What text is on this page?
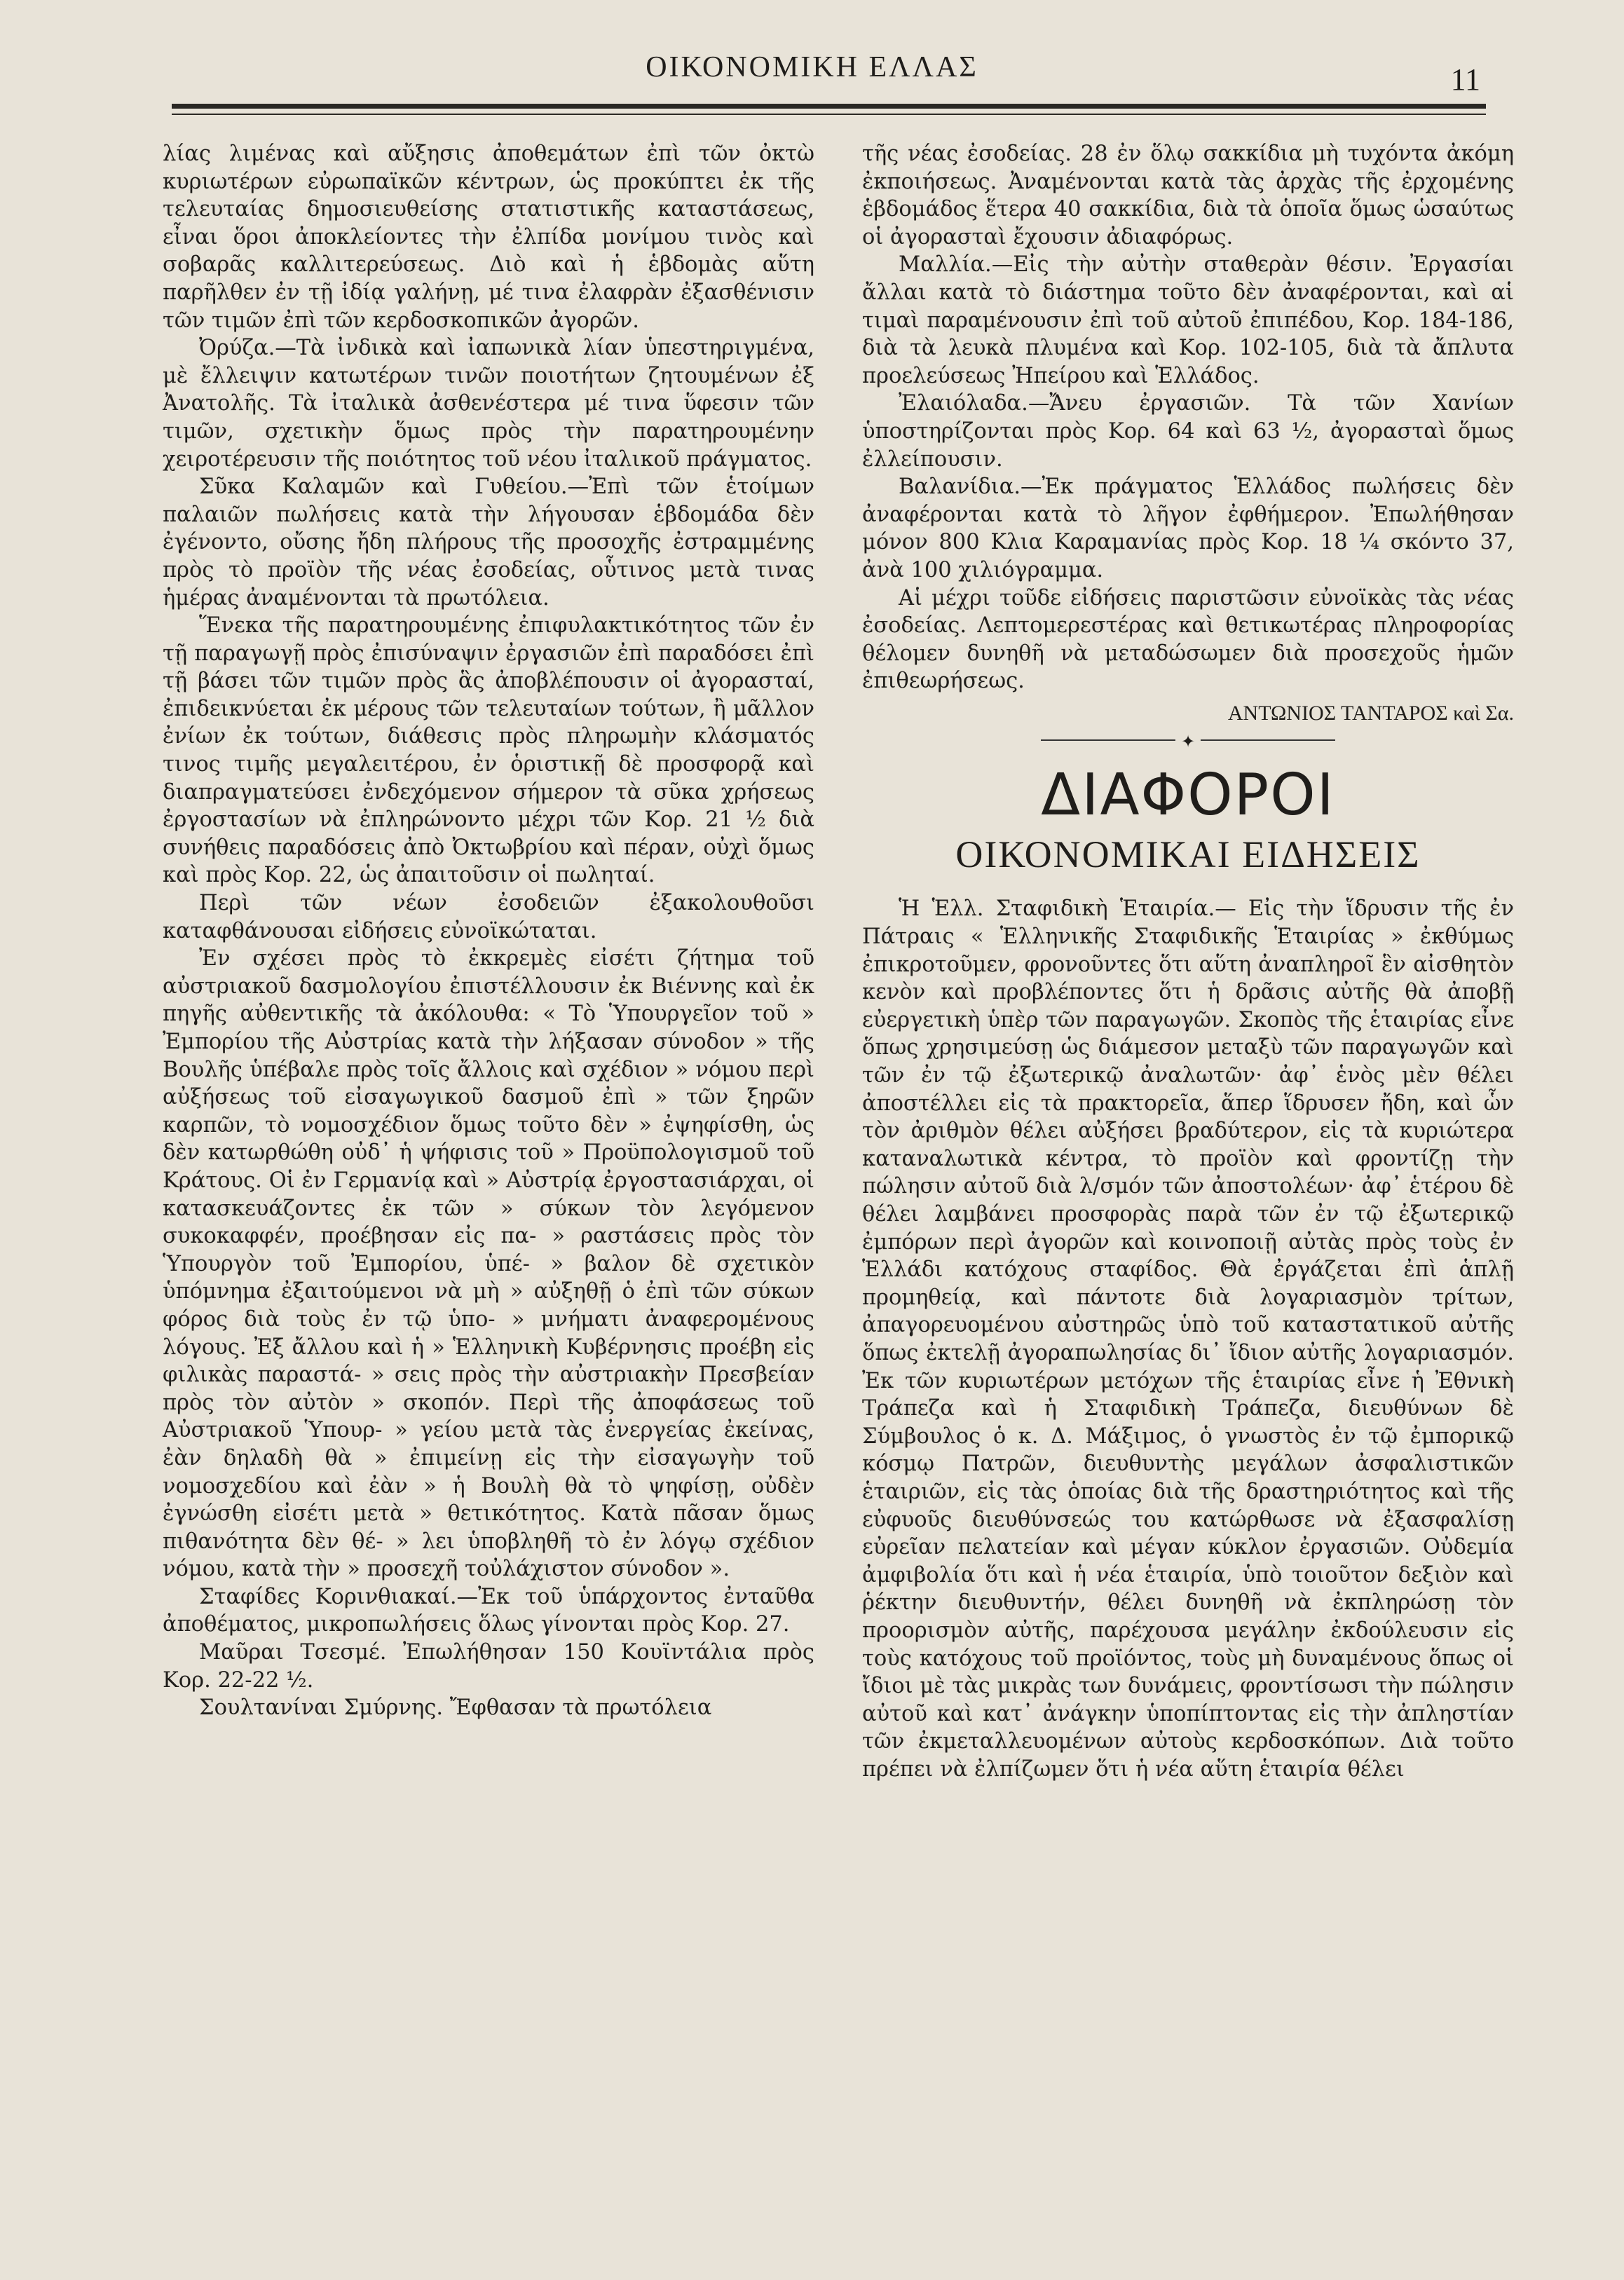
ΟΙΚΟΝΟΜΙΚΗ ΕΛΛΑΣ	11

λίας λιμένας καὶ αὔξησις ἀποθεμάτων ἐπὶ τῶν ὀκτὼ κυριωτέρων εὐρωπαϊκῶν κέντρων, ὡς προκύπτει ἐκ τῆς τελευταίας δημοσιευθείσης στατιστικῆς καταστάσεως, εἶναι ὅροι ἀποκλείοντες τὴν ἐλπίδα μονίμου τινὸς καὶ σοβαρᾶς καλλιτερεύσεως. Διὸ καὶ ἡ ἑβδομὰς αὕτη παρῆλθεν ἐν τῇ ἰδίᾳ γαλήνῃ, μέ τινα ἐλαφρὰν ἐξασθένισιν τῶν τιμῶν ἐπὶ τῶν κερδοσκοπικῶν ἀγορῶν.

Ὀρύζα.—Τὰ ἰνδικὰ καὶ ἰαπωνικὰ λίαν ὑπεστηριγμένα, μὲ ἔλλειψιν κατωτέρων τινῶν ποιοτήτων ζητουμένων ἐξ Ἀνατολῆς. Τὰ ἰταλικὰ ἀσθενέστερα μέ τινα ὕφεσιν τῶν τιμῶν, σχετικὴν ὅμως πρὸς τὴν παρατηρουμένην χειροτέρευσιν τῆς ποιότητος τοῦ νέου ἰταλικοῦ πράγματος.

Σῦκα Καλαμῶν καὶ Γυθείου.—Ἐπὶ τῶν ἑτοίμων παλαιῶν πωλήσεις κατὰ τὴν λήγουσαν ἑβδομάδα δὲν ἐγένοντο, οὔσης ἤδη πλήρους τῆς προσοχῆς ἐστραμμένης πρὸς τὸ προϊὸν τῆς νέας ἐσοδείας, οὗτινος μετὰ τινας ἡμέρας ἀναμένονται τὰ πρωτόλεια.

Ἕνεκα τῆς παρατηρουμένης ἐπιφυλακτικότητος τῶν ἐν τῇ παραγωγῇ πρὸς ἐπισύναψιν ἐργασιῶν ἐπὶ παραδόσει ἐπὶ τῇ βάσει τῶν τιμῶν πρὸς ἃς ἀποβλέπουσιν οἱ ἀγορασταί, ἐπιδεικνύεται ἐκ μέρους τῶν τελευταίων τούτων, ἢ μᾶλλον ἐνίων ἐκ τούτων, διάθεσις πρὸς πληρωμὴν κλάσματός τινος τιμῆς μεγαλειτέρου, ἐν ὁριστικῇ δὲ προσφορᾷ καὶ διαπραγματεύσει ἐνδεχόμενον σήμερον τὰ σῦκα χρήσεως ἐργοστασίων νὰ ἐπληρώνοντο μέχρι τῶν Κορ. 21 ½ διὰ συνήθεις παραδόσεις ἀπὸ Ὀκτωβρίου καὶ πέραν, οὐχὶ ὅμως καὶ πρὸς Κορ. 22, ὡς ἀπαιτοῦσιν οἱ πωληταί.

Περὶ τῶν νέων ἐσοδειῶν ἐξακολουθοῦσι καταφθάνουσαι εἰδήσεις εὐνοϊκώταται.

Ἐν σχέσει πρὸς τὸ ἐκκρεμὲς εἰσέτι ζήτημα τοῦ αὐστριακοῦ δασμολογίου ἐπιστέλλουσιν ἐκ Βιέννης καὶ ἐκ πηγῆς αὐθεντικῆς τὰ ἀκόλουθα: « Τὸ Ὑπουργεῖον τοῦ » Ἐμπορίου τῆς Αὐστρίας κατὰ τὴν λήξασαν σύνοδον » τῆς Βουλῆς ὑπέβαλε πρὸς τοῖς ἄλλοις καὶ σχέδιον » νόμου περὶ αὐξήσεως τοῦ εἰσαγωγικοῦ δασμοῦ ἐπὶ » τῶν ξηρῶν καρπῶν, τὸ νομοσχέδιον ὅμως τοῦτο δὲν » ἐψηφίσθη, ὡς δὲν κατωρθώθη οὐδ᾽ ἡ ψήφισις τοῦ » Προϋπολογισμοῦ τοῦ Κράτους. Οἱ ἐν Γερμανίᾳ καὶ » Αὐστρίᾳ ἐργοστασιάρχαι, οἱ κατασκευάζοντες ἐκ τῶν » σύκων τὸν λεγόμενον συκοκαφφέν, προέβησαν εἰς πα- » ραστάσεις πρὸς τὸν Ὑπουργὸν τοῦ Ἐμπορίου, ὑπέ- » βαλον δὲ σχετικὸν ὑπόμνημα ἐξαιτούμενοι νὰ μὴ » αὐξηθῇ ὁ ἐπὶ τῶν σύκων φόρος διὰ τοὺς ἐν τῷ ὑπο- » μνήματι ἀναφερομένους λόγους. Ἐξ ἄλλου καὶ ἡ » Ἑλληνικὴ Κυβέρνησις προέβη εἰς φιλικὰς παραστά- » σεις πρὸς τὴν αὐστριακὴν Πρεσβείαν πρὸς τὸν αὐτὸν » σκοπόν. Περὶ τῆς ἀποφάσεως τοῦ Αὐστριακοῦ Ὑπουρ- » γείου μετὰ τὰς ἐνεργείας ἐκείνας, ἐὰν δηλαδὴ θὰ » ἐπιμείνῃ εἰς τὴν εἰσαγωγὴν τοῦ νομοσχεδίου καὶ ἐὰν » ἡ Βουλὴ θὰ τὸ ψηφίσῃ, οὐδὲν ἐγνώσθη εἰσέτι μετὰ » θετικότητος. Κατὰ πᾶσαν ὅμως πιθανότητα δὲν θέ- » λει ὑποβληθῆ τὸ ἐν λόγῳ σχέδιον νόμου, κατὰ τὴν » προσεχῆ τοὐλάχιστον σύνοδον ».

Σταφίδες Κορινθιακαί.—Ἐκ τοῦ ὑπάρχοντος ἐνταῦθα ἀποθέματος, μικροπωλήσεις ὅλως γίνονται πρὸς Κορ. 27.

Μαῦραι Τσεσμέ. Ἐπωλήθησαν 150 Κουϊντάλια πρὸς Κορ. 22-22 ½.

Σουλτανίναι Σμύρνης. Ἔφθασαν τὰ πρωτόλεια

τῆς νέας ἐσοδείας. 28 ἐν ὅλῳ σακκίδια μὴ τυχόντα ἀκόμη ἐκποιήσεως. Ἀναμένονται κατὰ τὰς ἀρχὰς τῆς ἐρχομένης ἑβδομάδος ἕτερα 40 σακκίδια, διὰ τὰ ὁποῖα ὅμως ὡσαύτως οἱ ἀγορασταὶ ἔχουσιν ἀδιαφόρως.

Μαλλία.—Εἰς τὴν αὐτὴν σταθερὰν θέσιν. Ἐργασίαι ἄλλαι κατὰ τὸ διάστημα τοῦτο δὲν ἀναφέρονται, καὶ αἱ τιμαὶ παραμένουσιν ἐπὶ τοῦ αὐτοῦ ἐπιπέδου, Κορ. 184-186, διὰ τὰ λευκὰ πλυμένα καὶ Κορ. 102-105, διὰ τὰ ἄπλυτα προελεύσεως Ἠπείρου καὶ Ἑλλάδος.

Ἐλαιόλαδα.—Ἄνευ ἐργασιῶν. Τὰ τῶν Χανίων ὑποστηρίζονται πρὸς Κορ. 64 καὶ 63 ½, ἀγορασταὶ ὅμως ἐλλείπουσιν.

Βαλανίδια.—Ἐκ πράγματος Ἑλλάδος πωλήσεις δὲν ἀναφέρονται κατὰ τὸ λῆγον ἐφθήμερον. Ἐπωλήθησαν μόνον 800 Κλια Καραμανίας πρὸς Κορ. 18 ¼ σκόντο 37, ἀνὰ 100 χιλιόγραμμα.

Αἱ μέχρι τοῦδε εἰδήσεις παριστῶσιν εὐνοϊκὰς τὰς νέας ἐσοδείας. Λεπτομερεστέρας καὶ θετικωτέρας πληροφορίας θέλομεν δυνηθῆ νὰ μεταδώσωμεν διὰ προσεχοῦς ἡμῶν ἐπιθεωρήσεως.

ΑΝΤΩΝΙΟΣ ΤΑΝΤΑΡΟΣ καὶ Σα.

✦

ΔΙΑΦΟΡΟΙ

ΟΙΚΟΝΟΜΙΚΑΙ ΕΙΔΗΣΕΙΣ

Ἡ Ἑλλ. Σταφιδικὴ Ἑταιρία.— Εἰς τὴν ἵδρυσιν τῆς ἐν Πάτραις « Ἑλληνικῆς Σταφιδικῆς Ἑταιρίας » ἐκθύμως ἐπικροτοῦμεν, φρονοῦντες ὅτι αὕτη ἀναπληροῖ ἓν αἰσθητὸν κενὸν καὶ προβλέποντες ὅτι ἡ δρᾶσις αὐτῆς θὰ ἀποβῇ εὐεργετικὴ ὑπὲρ τῶν παραγωγῶν. Σκοπὸς τῆς ἑταιρίας εἶνε ὅπως χρησιμεύσῃ ὡς διάμεσον μεταξὺ τῶν παραγωγῶν καὶ τῶν ἐν τῷ ἐξωτερικῷ ἀναλωτῶν· ἀφ᾽ ἑνὸς μὲν θέλει ἀποστέλλει εἰς τὰ πρακτορεῖα, ἅπερ ἵδρυσεν ἤδη, καὶ ὧν τὸν ἀριθμὸν θέλει αὐξήσει βραδύτερον, εἰς τὰ κυριώτερα καταναλωτικὰ κέντρα, τὸ προϊὸν καὶ φροντίζῃ τὴν πώλησιν αὐτοῦ διὰ λ/σμόν τῶν ἀποστολέων· ἀφ᾽ ἑτέρου δὲ θέλει λαμβάνει προσφορὰς παρὰ τῶν ἐν τῷ ἐξωτερικῷ ἐμπόρων περὶ ἀγορῶν καὶ κοινοποιῇ αὐτὰς πρὸς τοὺς ἐν Ἑλλάδι κατόχους σταφίδος. Θὰ ἐργάζεται ἐπὶ ἁπλῇ προμηθείᾳ, καὶ πάντοτε διὰ λογαριασμὸν τρίτων, ἀπαγορευομένου αὐστηρῶς ὑπὸ τοῦ καταστατικοῦ αὐτῆς ὅπως ἐκτελῇ ἀγοραπωλησίας δι᾽ ἴδιον αὐτῆς λογαριασμόν. Ἐκ τῶν κυριωτέρων μετόχων τῆς ἑταιρίας εἶνε ἡ Ἐθνικὴ Τράπεζα καὶ ἡ Σταφιδικὴ Τράπεζα, διευθύνων δὲ Σύμβουλος ὁ κ. Δ. Μάξιμος, ὁ γνωστὸς ἐν τῷ ἐμπορικῷ κόσμῳ Πατρῶν, διευθυντὴς μεγάλων ἀσφαλιστικῶν ἑταιριῶν, εἰς τὰς ὁποίας διὰ τῆς δραστηριότητος καὶ τῆς εὐφυοῦς διευθύνσεώς του κατώρθωσε νὰ ἐξασφαλίσῃ εὐρεῖαν πελατείαν καὶ μέγαν κύκλον ἐργασιῶν. Οὐδεμία ἀμφιβολία ὅτι καὶ ἡ νέα ἑταιρία, ὑπὸ τοιοῦτον δεξιὸν καὶ ῥέκτην διευθυντήν, θέλει δυνηθῆ νὰ ἐκπληρώσῃ τὸν προορισμὸν αὐτῆς, παρέχουσα μεγάλην ἐκδούλευσιν εἰς τοὺς κατόχους τοῦ προϊόντος, τοὺς μὴ δυναμένους ὅπως οἱ ἴδιοι μὲ τὰς μικρὰς των δυνάμεις, φροντίσωσι τὴν πώλησιν αὐτοῦ καὶ κατ᾽ ἀνάγκην ὑποπίπτοντας εἰς τὴν ἀπληστίαν τῶν ἐκμεταλλευομένων αὐτοὺς κερδοσκόπων. Διὰ τοῦτο πρέπει νὰ ἐλπίζωμεν ὅτι ἡ νέα αὕτη ἑταιρία θέλει
